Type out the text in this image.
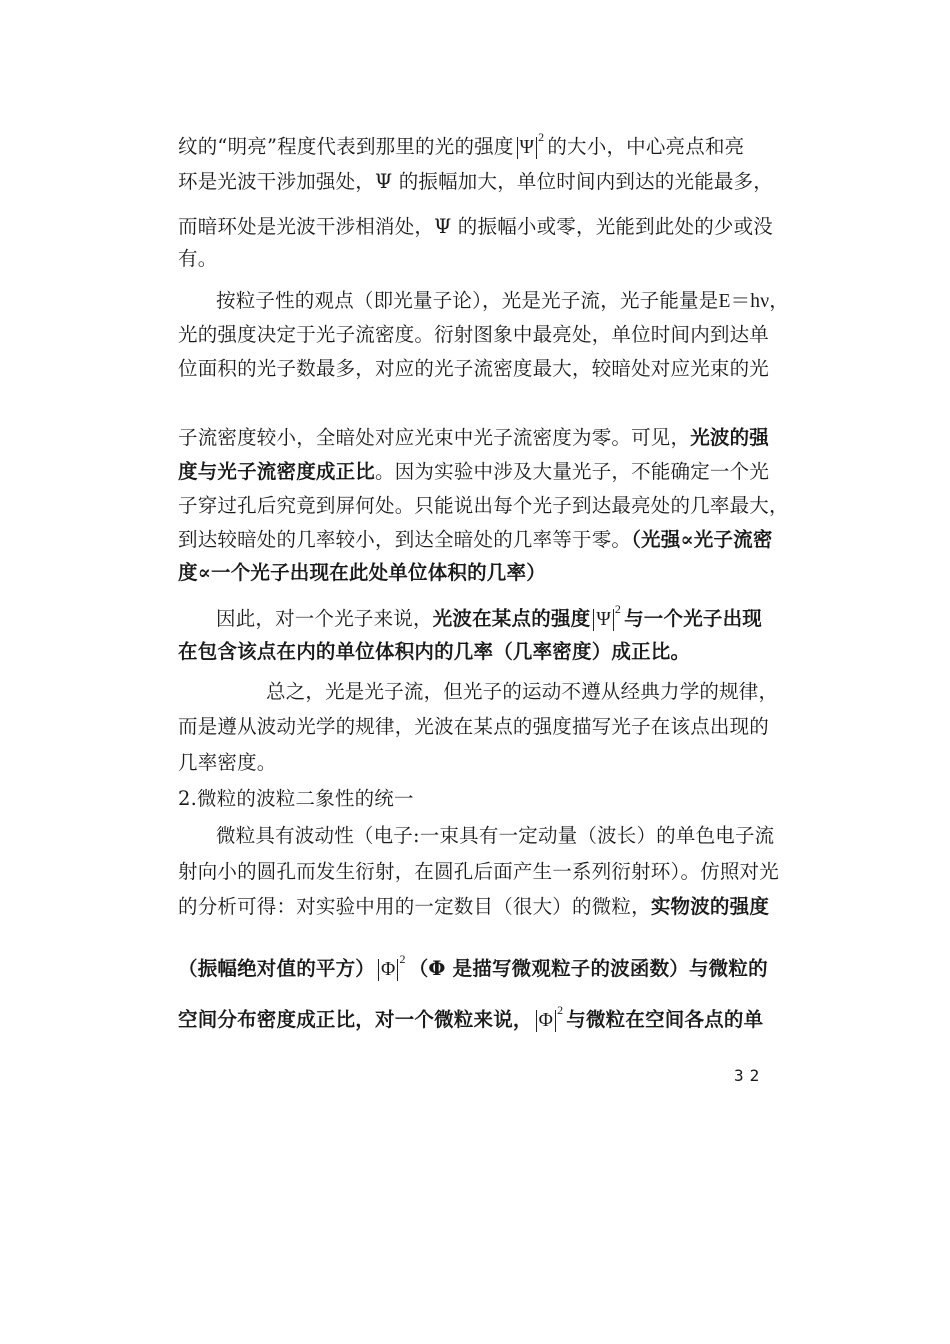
纹的“明亮”程度代表到那里的光的强度 Ψ $^2$ 的大小，中心亮点和亮
环是光波干涉加强处，Ψ 的振幅加大，单位时间内到达的光能最多，
而暗环处是光波干涉相消处，Ψ 的振幅小或零，光能到此处的少或没
有。
按粒子性的观点（即光量子论），光是光子流，光子能量是E＝hν，
光的强度决定于光子流密度。衍射图象中最亮处，单位时间内到达单
位面积的光子数最多，对应的光子流密度最大，较暗处对应光束的光
子流密度较小，全暗处对应光束中光子流密度为零。可见，光波的强
度与光子流密度成正比。因为实验中涉及大量光子，不能确定一个光
子穿过孔后究竟到屏何处。只能说出每个光子到达最亮处的几率最大，
到达较暗处的几率较小，到达全暗处的几率等于零。（光强∝光子流密
度∝一个光子出现在此处单位体积的几率）
因此，对一个光子来说，光波在某点的强度 Ψ $^2$ 与一个光子出现
在包含该点在内的单位体积内的几率（几率密度）成正比。
总之，光是光子流，但光子的运动不遵从经典力学的规律，
而是遵从波动光学的规律，光波在某点的强度描写光子在该点出现的
几率密度。
2.微粒的波粒二象性的统一
微粒具有波动性（电子:一束具有一定动量（波长）的单色电子流
射向小的圆孔而发生衍射，在圆孔后面产生一系列衍射环）。仿照对光
的分析可得：对实验中用的一定数目（很大）的微粒，实物波的强度
（振幅绝对值的平方） Φ $^2$ （Φ 是描写微观粒子的波函数）与微粒的
空间分布密度成正比，对一个微粒来说， Φ $^2$ 与微粒在空间各点的单
32
